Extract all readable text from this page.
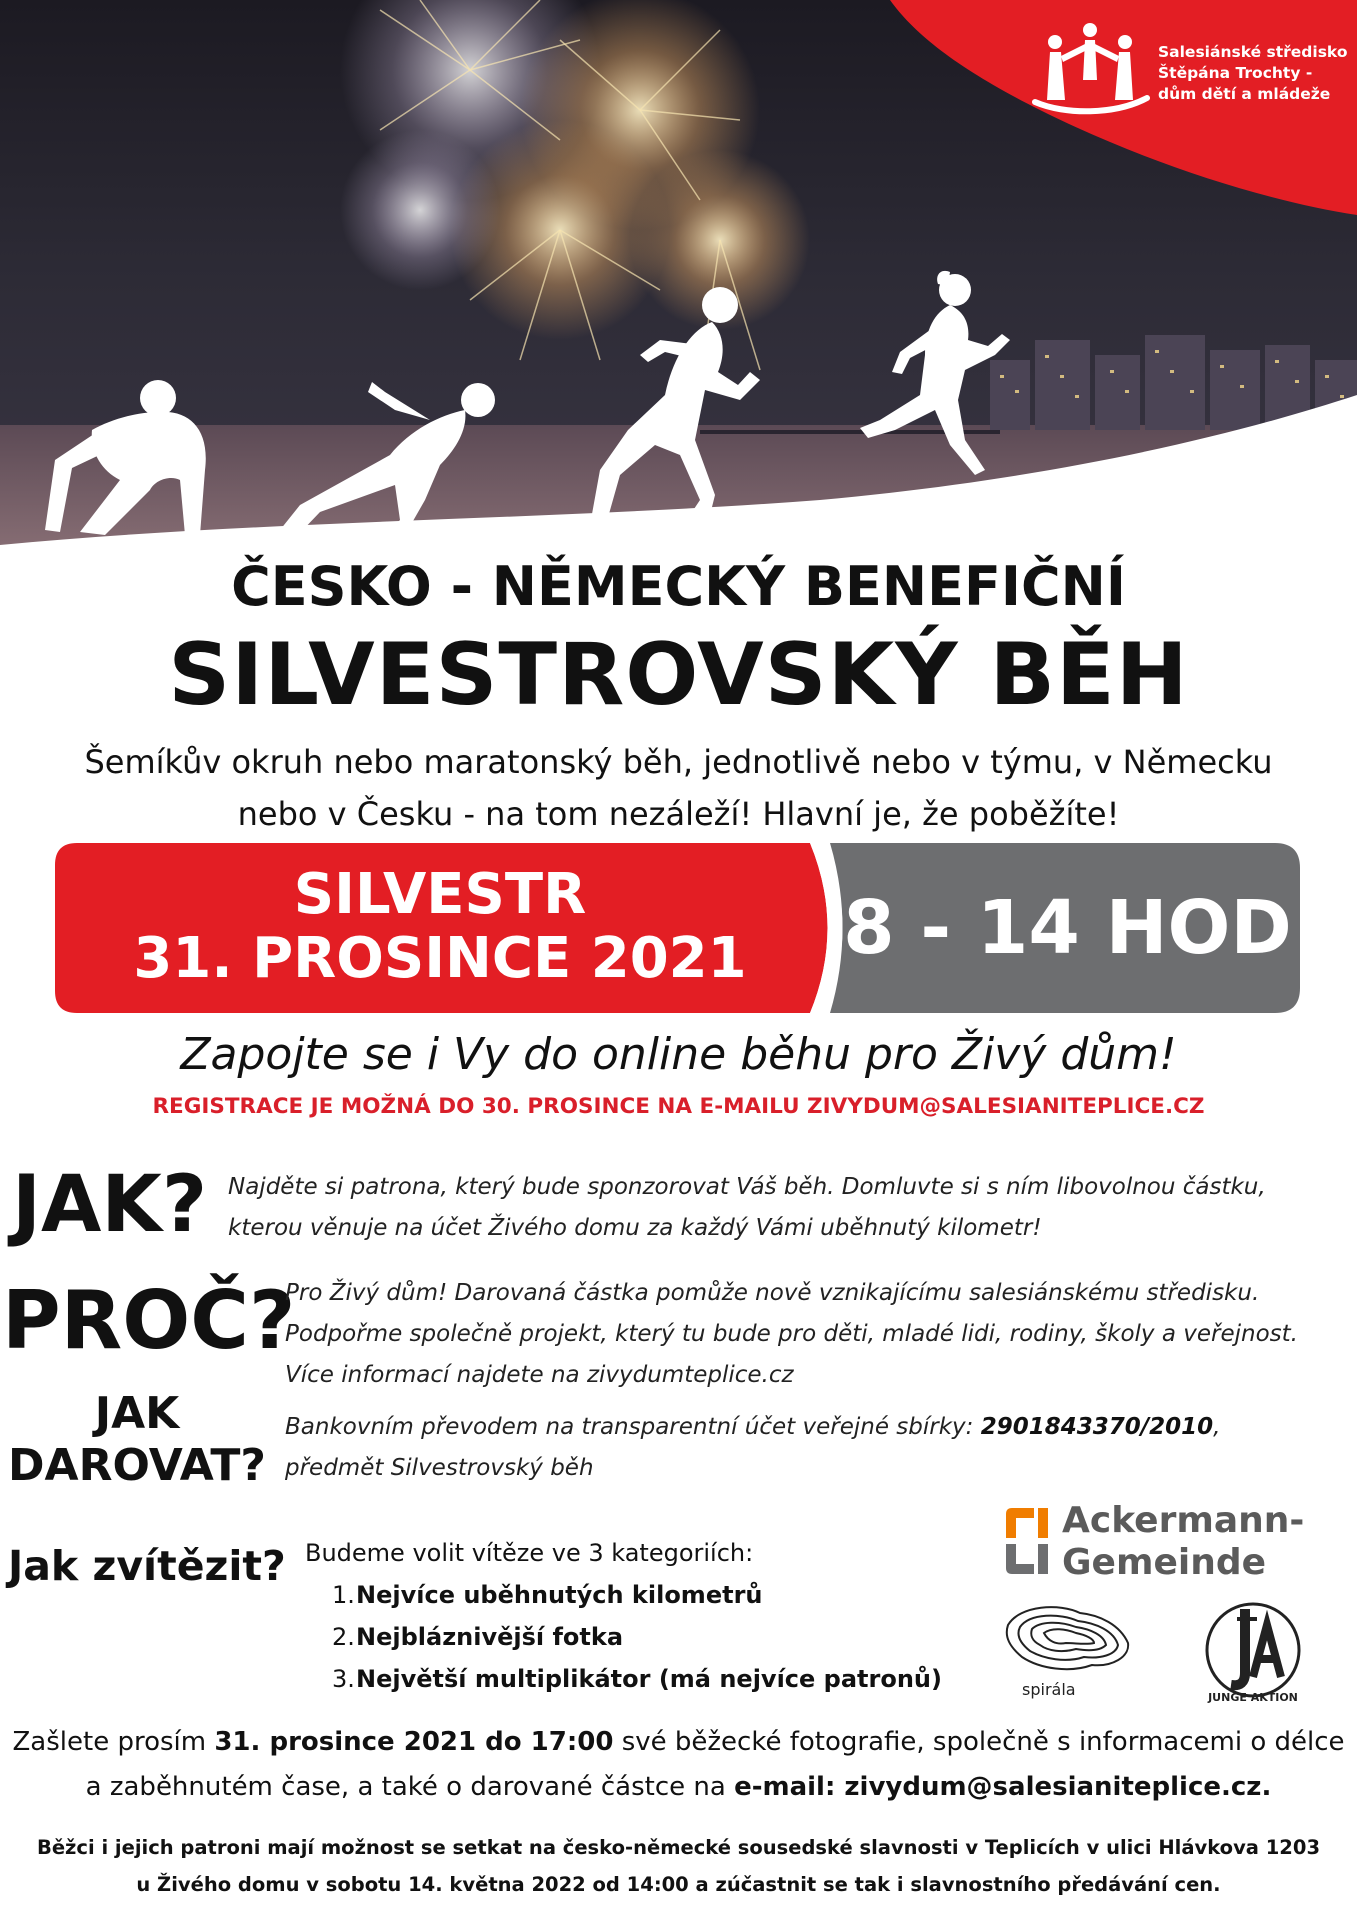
Salesiánské středisko
Štěpána Trochty -
dům dětí a mládeže
ČESKO - NĚMECKÝ BENEFIČNÍ
SILVESTROVSKÝ BĚH
Šemíkův okruh nebo maratonský běh, jednotlivě nebo v týmu, v Německu
nebo v Česku - na tom nezáleží! Hlavní je, že poběžíte!
SILVESTR
31. PROSINCE 2021	8 - 14 HOD
Zapojte se i Vy do online běhu pro Živý dům!
REGISTRACE JE MOŽNÁ DO 30. PROSINCE NA E-MAILU ZIVYDUM@SALESIANITEPLICE.CZ
JAK? Najděte si patrona, který bude sponzorovat Váš běh. Domluvte si s ním libovolnou částku,
kterou věnuje na účet Živého domu za každý Vámi uběhnutý kilometr!
PROČ?
Pro Živý dům! Darovaná částka pomůže nově vznikajícímu salesiánskému středisku.
Podpořme společně projekt, který tu bude pro děti, mladé lidi, rodiny, školy a veřejnost.
Více informací najdete na zivydumteplice.cz
JAK
DAROVAT?
Bankovním převodem na transparentní účet veřejné sbírky: 2901843370/2010,
předmět Silvestrovský běh
Jak zvítězit? Budeme volit vítěze ve 3 kategoriích:
1.Nejvíce uběhnutých kilometrů
2.Nejbláznivější fotka
3.Největší multiplikátor (má nejvíce patronů)
Ackermann-
Gemeinde
spirála	JUNGE AKTION
Zašlete prosím 31. prosince 2021 do 17:00 své běžecké fotografie, společně s informacemi o délce
a zaběhnutém čase, a také o darované částce na e-mail: zivydum@salesianiteplice.cz.
Běžci i jejich patroni mají možnost se setkat na česko-německé sousedské slavnosti v Teplicích v ulici Hlávkova 1203
u Živého domu v sobotu 14. května 2022 od 14:00 a zúčastnit se tak i slavnostního předávání cen.
